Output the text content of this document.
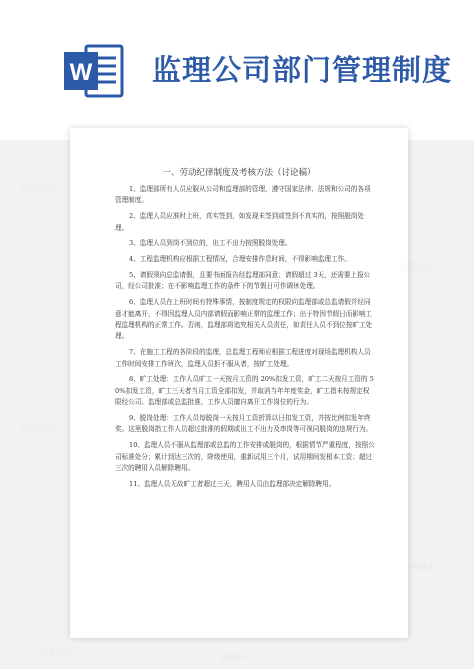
W 监理公司部门管理制度
一、劳动纪律制度及考核方法（讨论稿）

1、监理部所有人员应服从公司和监理部的管理，遵守国家法律、法规和公司的各项管理制度。

2、监理人员应准时上班，真实签到，如发现未签到或签到不真实的，按照脱岗处理。

3、监理人员到岗不到位的，出工不出力按照脱岗处理。

4、工程监理机构应根据工程情况，合理安排作息时间，不得影响监理工作。

5、请假须向总监请假，且要书面报告经监理部同意；请假超过 3天，还需要上报公司，经公司批准；在不影响监理工作的条件下的节假日可作调休处理。

6、监理人员在上班时间有特殊事情，按制度规定的权限向监理部或总监请假并经同意才能离开，不得因监理人员内部请假而影响正常的监理工作；出于特因节假日而影响工程监理机构的正常工作。否则，监理部将追究相关人员责任，如责任人员不到位按旷工处理。

7、在施工工程的各阶段的监理，总监理工程师应根据工程进度对现场监理机构人员工作时间安排工作班次，监理人员拒不服从者，按旷工处理。

8、旷工处理：工作人员旷工一天按月工资的 20%扣发工资，旷工二天按月工资的 50%扣发工资，旷工三天者当月工资全部扣发，并取消当年年度奖金，旷工指未按规定权限经公司、监理部或总监批准，工作人员擅自离开工作岗位的行为。

9、脱岗处理：工作人员每脱岗一天按月工资折算以日扣发工资，并按比例扣发年终奖。这里脱岗指工作人员超过批准的假期或出工不出力及串岗等可视同脱岗的违规行为。

10、监理人员不服从监理部或总监的工作安排或脱岗的，根据情节严重程度，按照公司标准处分；累计到达三次的，降级使用，重新试用三个月，试用期间发根本工资；超过三次的聘用人员解除聘用。

11、监理人员无故旷工者超过三天，聘用人员由监理部决定解除聘用。

熊猫办公
熊猫办公
熊猫办公
熊猫办公
熊猫办公	熊猫办公
